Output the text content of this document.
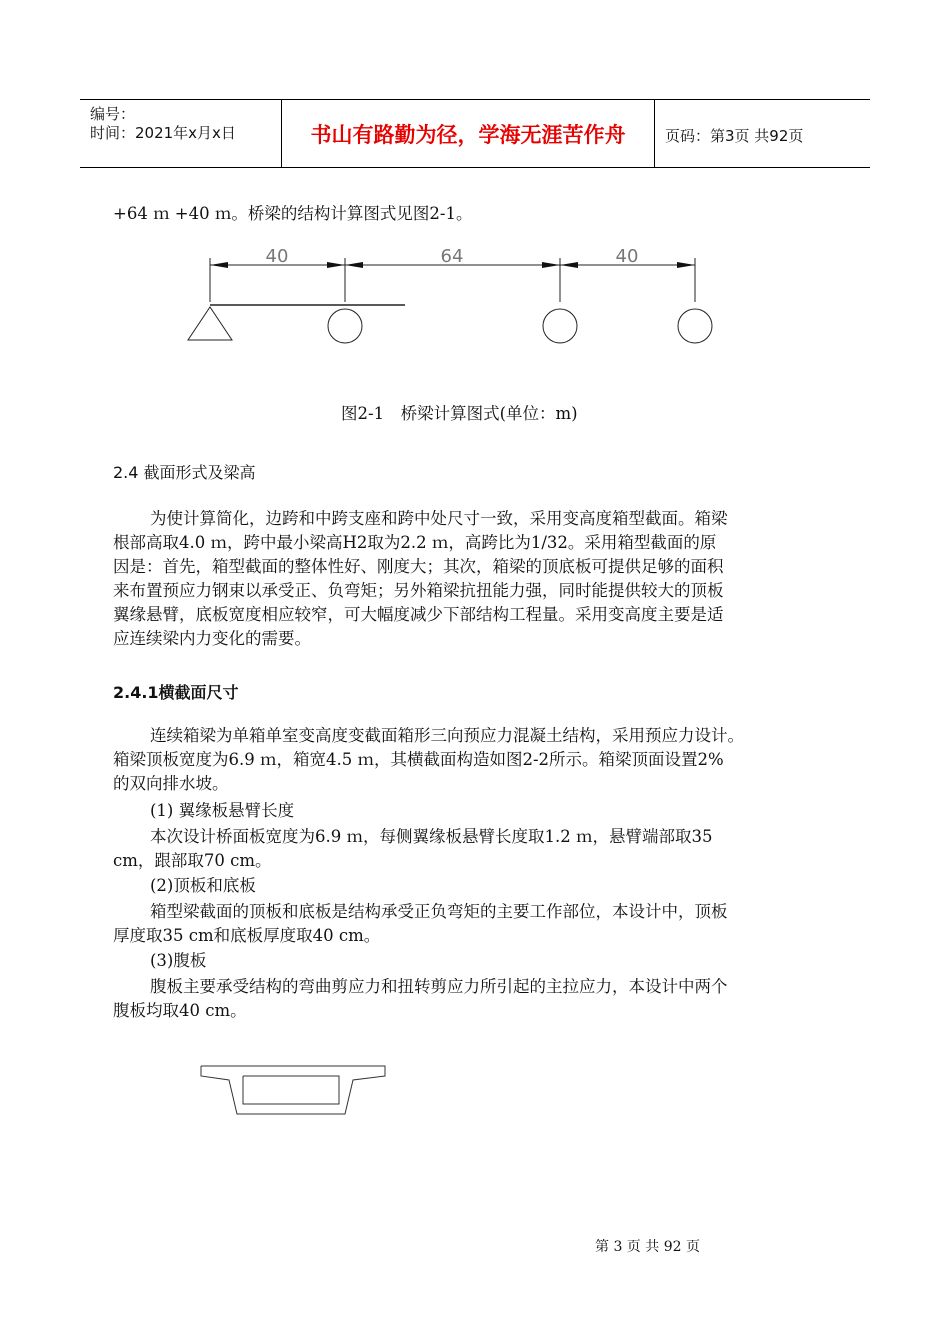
编号：
时间：2021年x月x日	书山有路勤为径，学海无涯苦作舟	页码：第3页 共92页
+64 ｍ +40 ｍ。桥梁的结构计算图式见图2-1。
40	64	40
图2-1　桥梁计算图式(单位：m)
2.4 截面形式及梁高
为使计算简化，边跨和中跨支座和跨中处尺寸一致，采用变高度箱型截面。箱梁
根部高取4.0 ｍ，跨中最小梁高H2取为2.2 ｍ，高跨比为1/32。采用箱型截面的原
因是：首先，箱型截面的整体性好、刚度大；其次，箱梁的顶底板可提供足够的面积
来布置预应力钢束以承受正、负弯矩；另外箱梁抗扭能力强，同时能提供较大的顶板
翼缘悬臂，底板宽度相应较窄，可大幅度减少下部结构工程量。采用变高度主要是适
应连续梁内力变化的需要。
2.4.1横截面尺寸
连续箱梁为单箱单室变高度变截面箱形三向预应力混凝土结构，采用预应力设计。
箱梁顶板宽度为6.9 ｍ，箱宽4.5 ｍ，其横截面构造如图2-2所示。箱梁顶面设置2%
的双向排水坡。
(1) 翼缘板悬臂长度
本次设计桥面板宽度为6.9 ｍ，每侧翼缘板悬臂长度取1.2 ｍ，悬臂端部取35
cm，跟部取70 cm。
(2)顶板和底板
箱型梁截面的顶板和底板是结构承受正负弯矩的主要工作部位，本设计中，顶板
厚度取35 cm和底板厚度取40 cm。
(3)腹板
腹板主要承受结构的弯曲剪应力和扭转剪应力所引起的主拉应力，本设计中两个
腹板均取40 cm。
第 3 页 共 92 页
